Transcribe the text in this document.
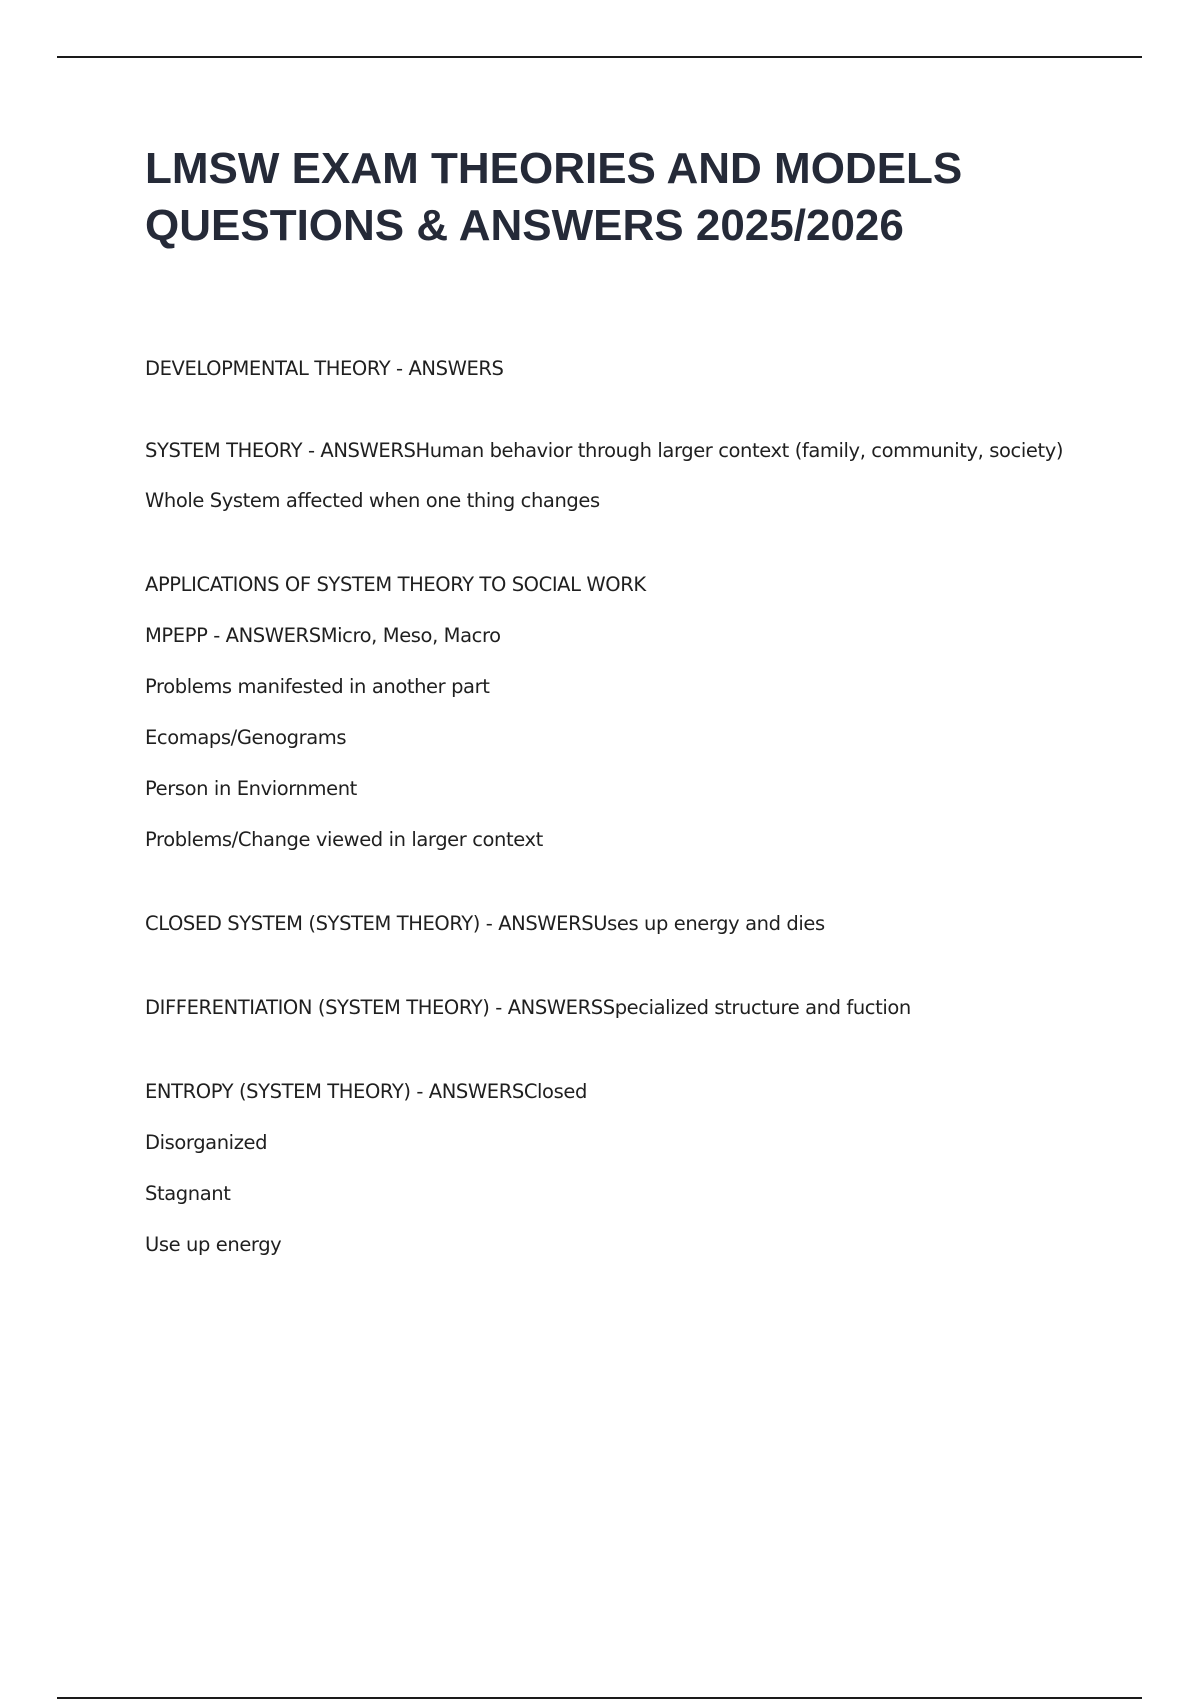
LMSW EXAM THEORIES AND MODELS
QUESTIONS & ANSWERS 2025/2026

DEVELOPMENTAL THEORY - ANSWERS

SYSTEM THEORY - ANSWERSHuman behavior through larger context (family, community, society)

Whole System affected when one thing changes

APPLICATIONS OF SYSTEM THEORY TO SOCIAL WORK

MPEPP - ANSWERSMicro, Meso, Macro

Problems manifested in another part

Ecomaps/Genograms

Person in Enviornment

Problems/Change viewed in larger context

CLOSED SYSTEM (SYSTEM THEORY) - ANSWERSUses up energy and dies

DIFFERENTIATION (SYSTEM THEORY) - ANSWERSSpecialized structure and fuction

ENTROPY (SYSTEM THEORY) - ANSWERSClosed

Disorganized

Stagnant

Use up energy
